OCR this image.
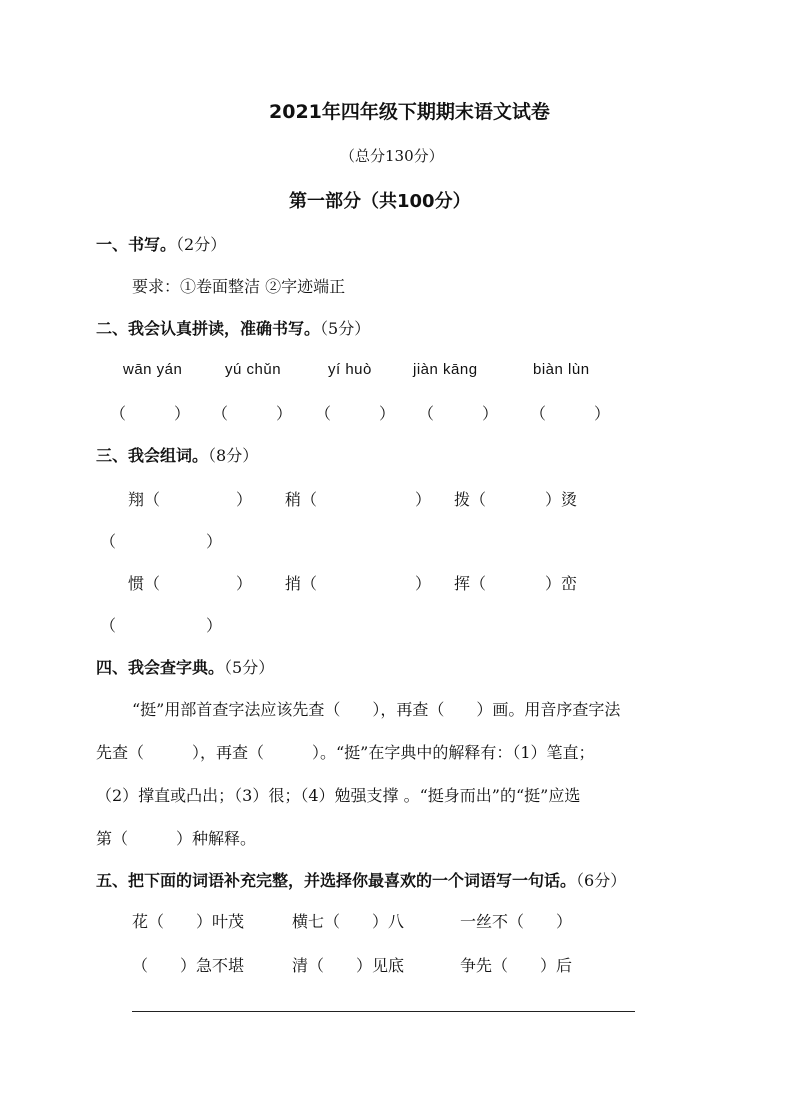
2021年四年级下期期末语文试卷
（总分130分）
第一部分（共100分）
一、书写。（2分）
要求：①卷面整洁 ②字迹端正
二、我会认真拼读，准确书写。（5分）
wān yán	yú chǔn	yí huò	jiàn kāng	biàn lùn
（　　　） （　　　） （　　　） （　　　） （　　　）
三、我会组词。（8分）
翔（	） 稍（	） 拨（	）烫
（	）
惯（	） 捎（	） 挥（	）峦
（	）
四、我会查字典。（5分）
“挺”用部首查字法应该先查（　　），再查（　　）画。用音序查字法
先查（　　　），再查（　　　）。“挺”在字典中的解释有：（1）笔直；
（2）撑直或凸出；（3）很；（4）勉强支撑 。“挺身而出”的“挺”应选
第（　　　）种解释。
五、把下面的词语补充完整，并选择你最喜欢的一个词语写一句话。（6分）
花（　　）叶茂	横七（　　）八	一丝不（　　）
（　　）急不堪	清（　　）见底	争先（　　）后
